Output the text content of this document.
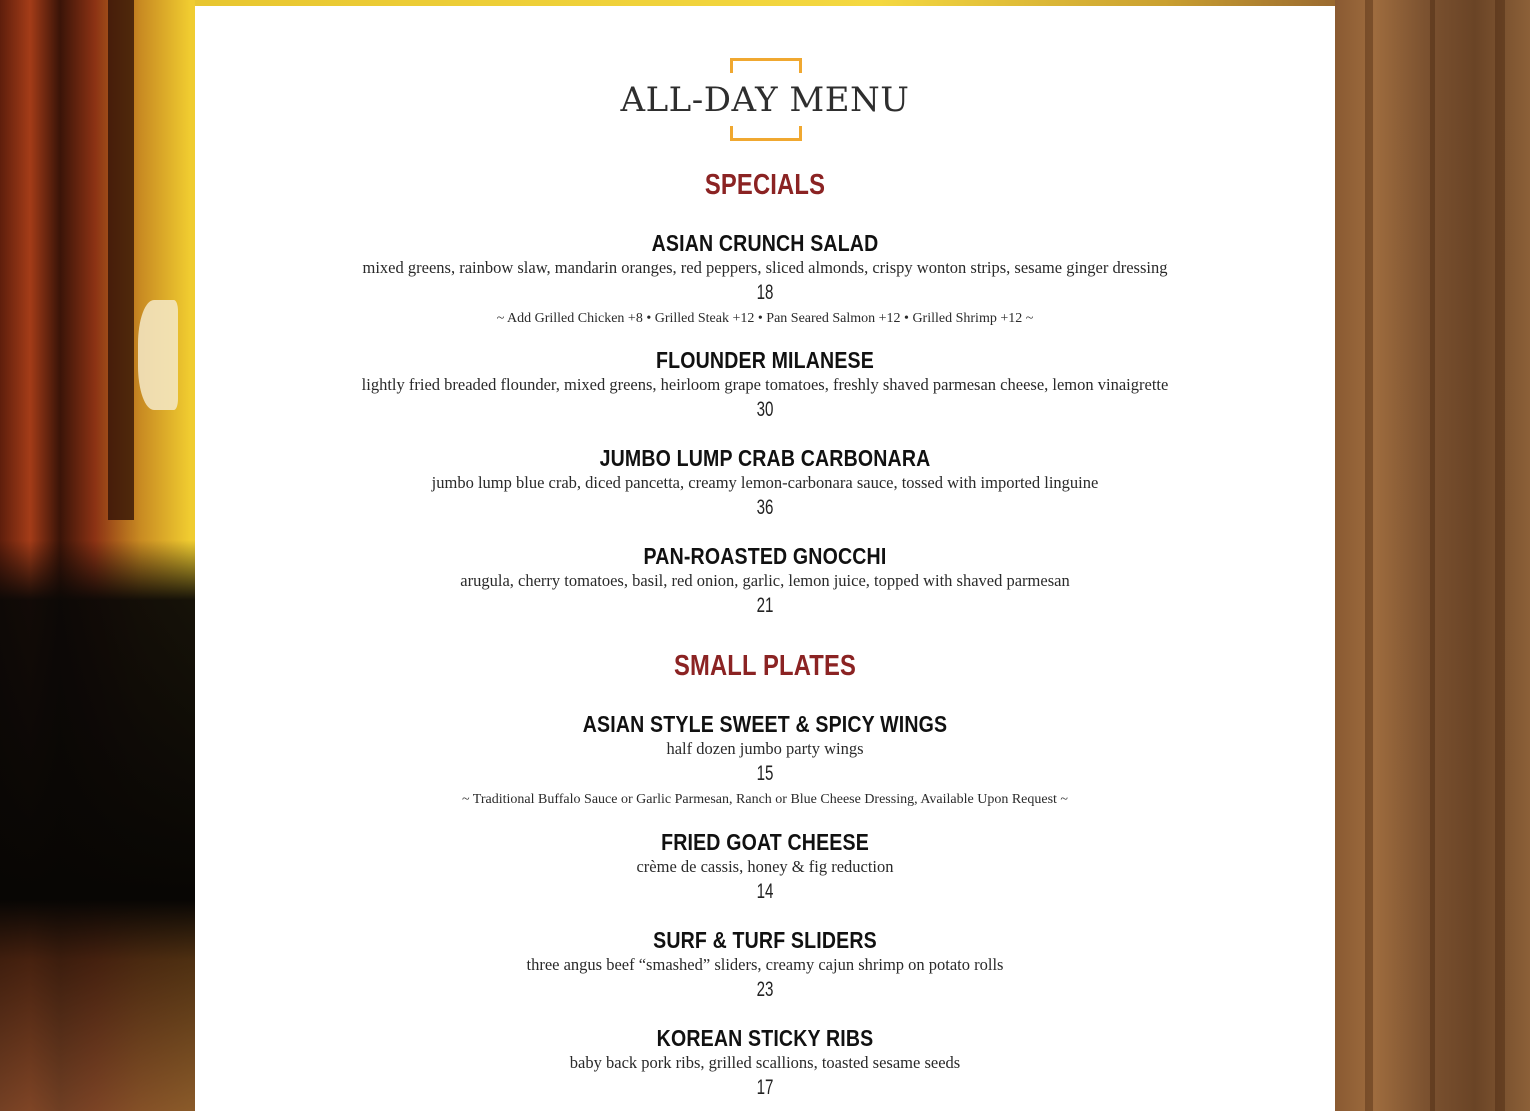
ALL-DAY MENU
SPECIALS
ASIAN CRUNCH SALAD
mixed greens, rainbow slaw, mandarin oranges, red peppers, sliced almonds, crispy wonton strips, sesame ginger dressing
18
~ Add Grilled Chicken +8 • Grilled Steak +12 • Pan Seared Salmon +12 • Grilled Shrimp +12 ~
FLOUNDER MILANESE
lightly fried breaded flounder, mixed greens, heirloom grape tomatoes, freshly shaved parmesan cheese, lemon vinaigrette
30
JUMBO LUMP CRAB CARBONARA
jumbo lump blue crab, diced pancetta, creamy lemon-carbonara sauce, tossed with imported linguine
36
PAN-ROASTED GNOCCHI
arugula, cherry tomatoes, basil, red onion, garlic, lemon juice, topped with shaved parmesan
21
SMALL PLATES
ASIAN STYLE SWEET & SPICY WINGS
half dozen jumbo party wings
15
~ Traditional Buffalo Sauce or Garlic Parmesan, Ranch or Blue Cheese Dressing, Available Upon Request ~
FRIED GOAT CHEESE
crème de cassis, honey & fig reduction
14
SURF & TURF SLIDERS
three angus beef “smashed” sliders, creamy cajun shrimp on potato rolls
23
KOREAN STICKY RIBS
baby back pork ribs, grilled scallions, toasted sesame seeds
17
